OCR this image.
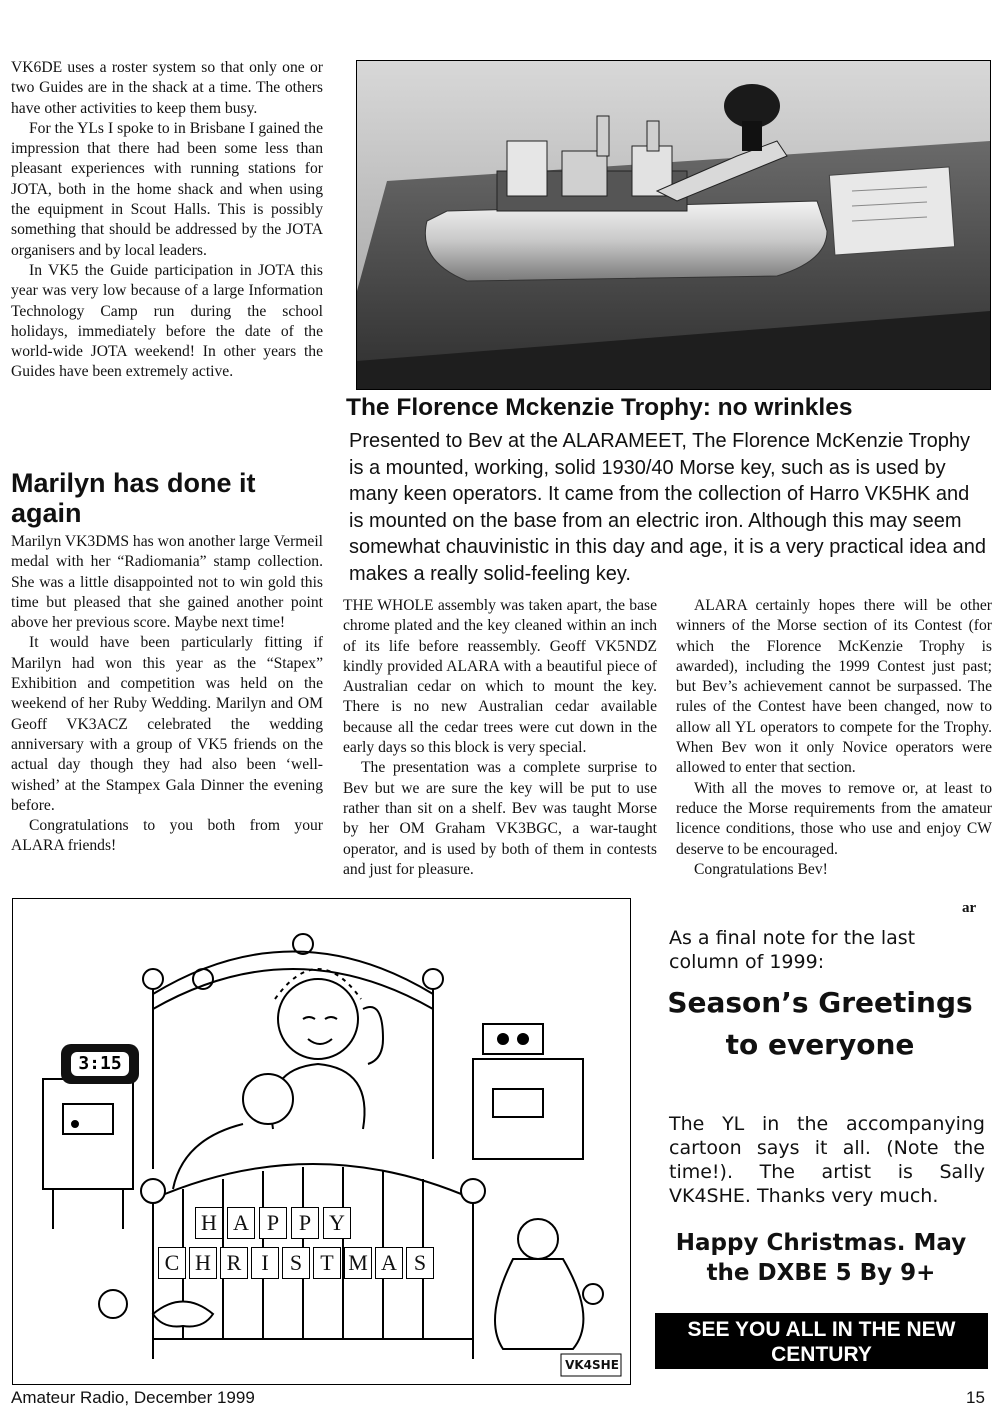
VK6DE uses a roster system so that only one or two Guides are in the shack at a time. The others have other activities to keep them busy.

For the YLs I spoke to in Brisbane I gained the impression that there had been some less than pleasant experiences with running stations for JOTA, both in the home shack and when using the equipment in Scout Halls. This is possibly something that should be addressed by the JOTA organisers and by local leaders.

In VK5 the Guide participation in JOTA this year was very low because of a large Information Technology Camp run during the school holidays, immediately before the date of the world-wide JOTA weekend! In other years the Guides have been extremely active.

Marilyn has done it again

Marilyn VK3DMS has won another large Vermeil medal with her “Radiomania” stamp collection. She was a little disappointed not to win gold this time but pleased that she gained another point above her previous score. Maybe next time!

It would have been particularly fitting if Marilyn had won this year as the “Stapex” Exhibition and competition was held on the weekend of her Ruby Wedding. Marilyn and OM Geoff VK3ACZ celebrated the wedding anniversary with a group of VK5 friends on the actual day though they had also been ‘well-wished’ at the Stampex Gala Dinner the evening before.

Congratulations to you both from your ALARA friends!

The Florence Mckenzie Trophy: no wrinkles
Presented to Bev at the ALARAMEET, The Florence McKenzie Trophy is a mounted, working, solid 1930/40 Morse key, such as is used by many keen operators. It came from the collection of Harro VK5HK and is mounted on the base from an electric iron. Although this may seem somewhat chauvinistic in this day and age, it is a very practical idea and makes a really solid-feeling key.

THE WHOLE assembly was taken apart, the base chrome plated and the key cleaned within an inch of its life before reassembly. Geoff VK5NDZ kindly provided ALARA with a beautiful piece of Australian cedar on which to mount the key. There is no new Australian cedar available because all the cedar trees were cut down in the early days so this block is very special.

The presentation was a complete surprise to Bev but we are sure the key will be put to use rather than sit on a shelf. Bev was taught Morse by her OM Graham VK3BGC, a war-taught operator, and is used by both of them in contests and just for pleasure.

ALARA certainly hopes there will be other winners of the Morse section of its Contest (for which the Florence McKenzie Trophy is awarded), including the 1999 Contest just past; but Bev’s achievement cannot be surpassed. The rules of the Contest have been changed, now to allow all YL operators to compete for the Trophy. When Bev won it only Novice operators were allowed to enter that section.

With all the moves to remove or, at least to reduce the Morse requirements from the amateur licence conditions, those who use and enjoy CW deserve to be encouraged.

Congratulations Bev!

ar
3:15
H A P P Y
C H R I S T M A S
VK4SHE
As a final note for the last column of 1999:
Season’s Greetings to everyone
The YL in the accompanying cartoon says it all. (Note the time!). The artist is Sally VK4SHE. Thanks very much.
Happy Christmas. May the DXBE 5 By 9+
SEE YOU ALL IN THE NEW CENTURY
Amateur Radio, December 1999	15
